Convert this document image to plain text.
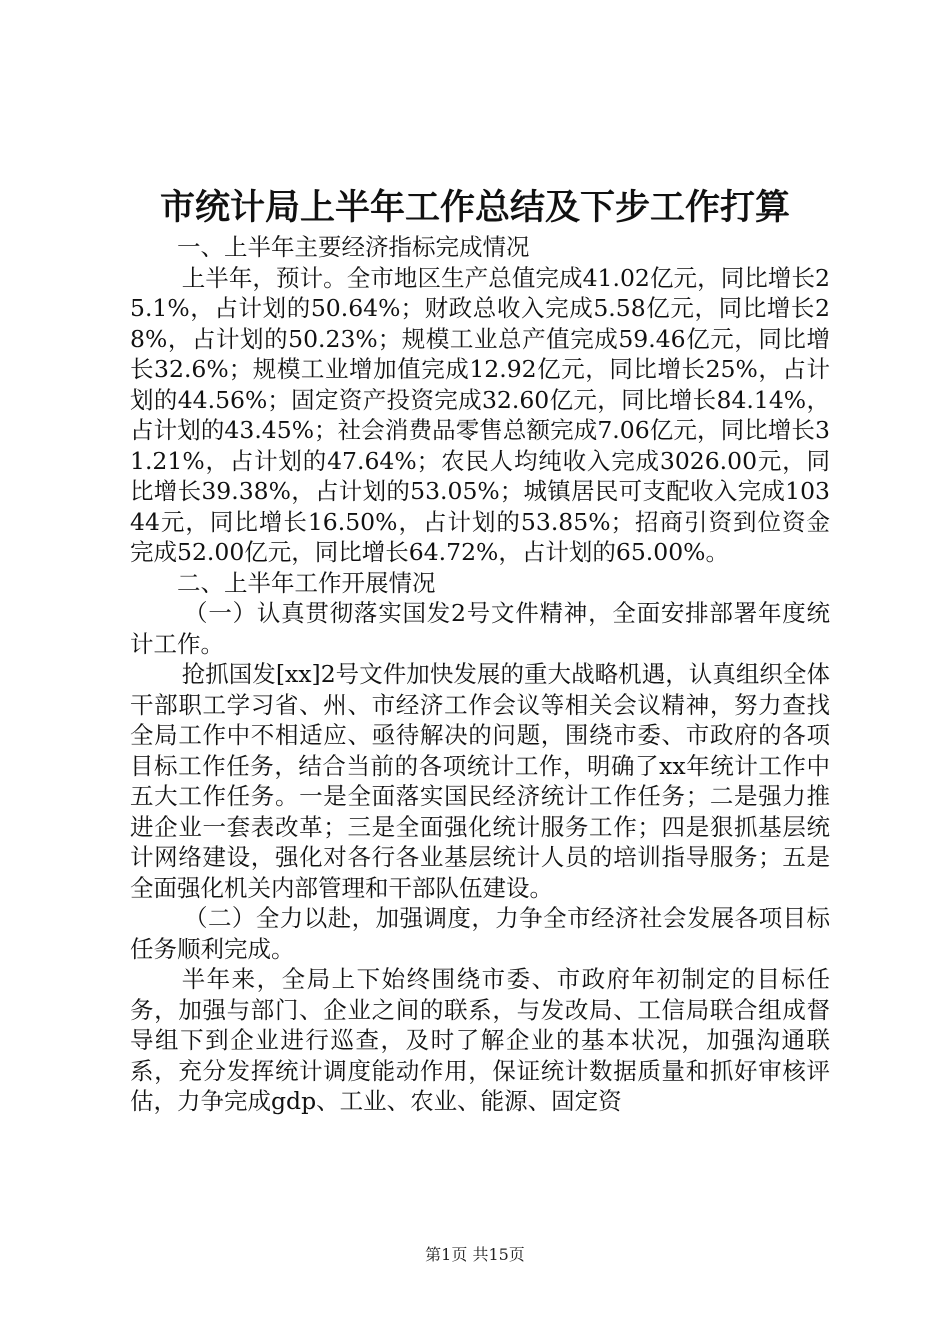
市统计局上半年工作总结及下步工作打算

一、上半年主要经济指标完成情况

上半年，预计。全市地区生产总值完成41.02亿元，同比增长25.1%，占计划的50.64%；财政总收入完成5.58亿元，同比增长28%，占计划的50.23%；规模工业总产值完成59.46亿元，同比增长32.6%；规模工业增加值完成12.92亿元，同比增长25%，占计划的44.56%；固定资产投资完成32.60亿元，同比增长84.14%，占计划的43.45%；社会消费品零售总额完成7.06亿元，同比增长31.21%，占计划的47.64%；农民人均纯收入完成3026.00元，同比增长39.38%，占计划的53.05%；城镇居民可支配收入完成10344元，同比增长16.50%，占计划的53.85%；招商引资到位资金完成52.00亿元，同比增长64.72%，占计划的65.00%。

二、上半年工作开展情况

（一）认真贯彻落实国发2号文件精神，全面安排部署年度统计工作。

抢抓国发[xx]2号文件加快发展的重大战略机遇，认真组织全体干部职工学习省、州、市经济工作会议等相关会议精神，努力查找全局工作中不相适应、亟待解决的问题，围绕市委、市政府的各项目标工作任务，结合当前的各项统计工作，明确了xx年统计工作中五大工作任务。一是全面落实国民经济统计工作任务；二是强力推进企业一套表改革；三是全面强化统计服务工作；四是狠抓基层统计网络建设，强化对各行各业基层统计人员的培训指导服务；五是全面强化机关内部管理和干部队伍建设。

（二）全力以赴，加强调度，力争全市经济社会发展各项目标任务顺利完成。

半年来，全局上下始终围绕市委、市政府年初制定的目标任务，加强与部门、企业之间的联系，与发改局、工信局联合组成督导组下到企业进行巡查，及时了解企业的基本状况，加强沟通联系，充分发挥统计调度能动作用，保证统计数据质量和抓好审核评估，力争完成gdp、工业、农业、能源、固定资

第1页 共15页
